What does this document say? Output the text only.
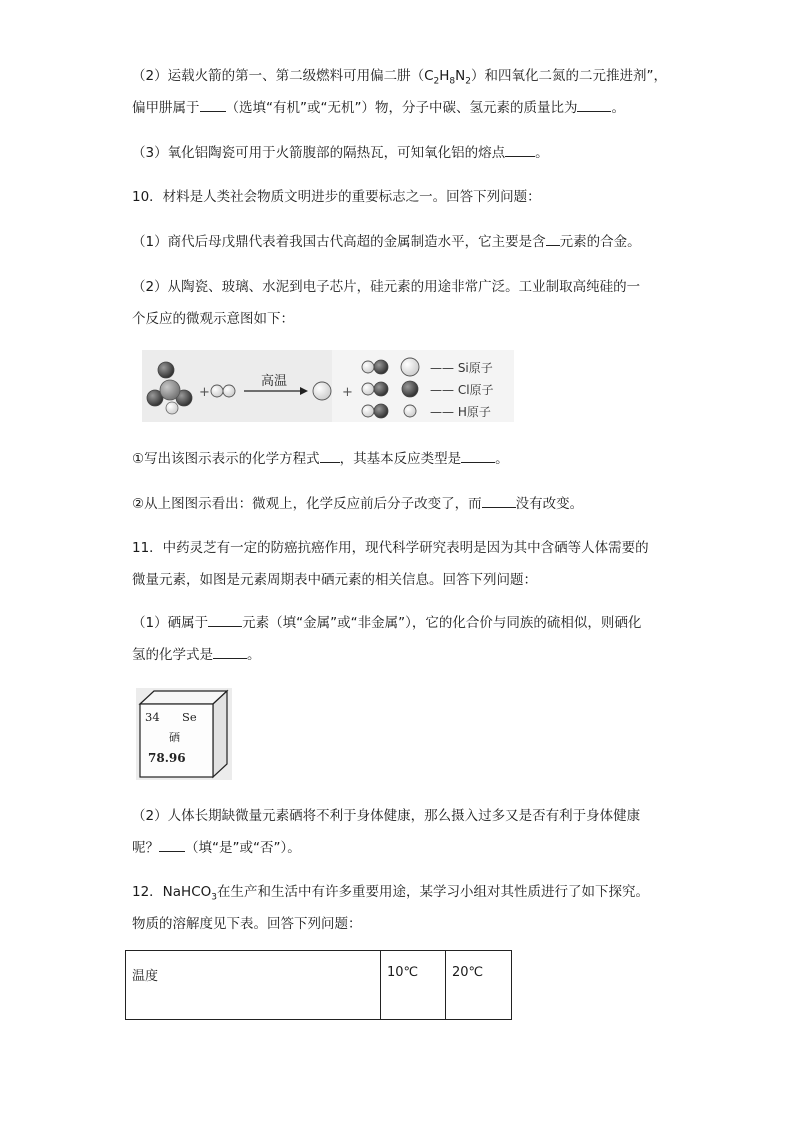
（2）运载火箭的第一、第二级燃料可用偏二肼$(C_2H_8N_2)$和四氧化二氮的二元推进剂”，
偏甲肼属于 （选填“有机”或“无机”）物，分子中碳、氢元素的质量比为	。
（3）氧化铝陶瓷可用于火箭腹部的隔热瓦，可知氧化铝的熔点 。
10．材料是人类社会物质文明进步的重要标志之一。回答下列问题：
（1）商代后母戊鼎代表着我国古代高超的金属制造水平，它主要是含 元素的合金。
（2）从陶瓷、玻璃、水泥到电子芯片，硅元素的用途非常广泛。工业制取高纯硅的一
个反应的微观示意图如下：
+
高温
+
—— Si原子
—— Cl原子
—— H原子
①写出该图示表示的化学方程式 ，其基本反应类型是	。
②从上图图示看出：微观上，化学反应前后分子改变了，而	没有改变。
11．中药灵芝有一定的防癌抗癌作用，现代科学研究表明是因为其中含硒等人体需要的
微量元素，如图是元素周期表中硒元素的相关信息。回答下列问题：
（1）硒属于	元素（填“金属”或“非金属”），它的化合价与同族的硫相似，则硒化
氢的化学式是	。
34 Se
硒
78.96
（2）人体长期缺微量元素硒将不利于身体健康，那么摄入过多又是否有利于身体健康
呢？ （填“是”或“否”）。
12．NaHCO$_3$在生产和生活中有许多重要用途，某学习小组对其性质进行了如下探究。
物质的溶解度见下表。回答下列问题：
温度	10℃	20℃
